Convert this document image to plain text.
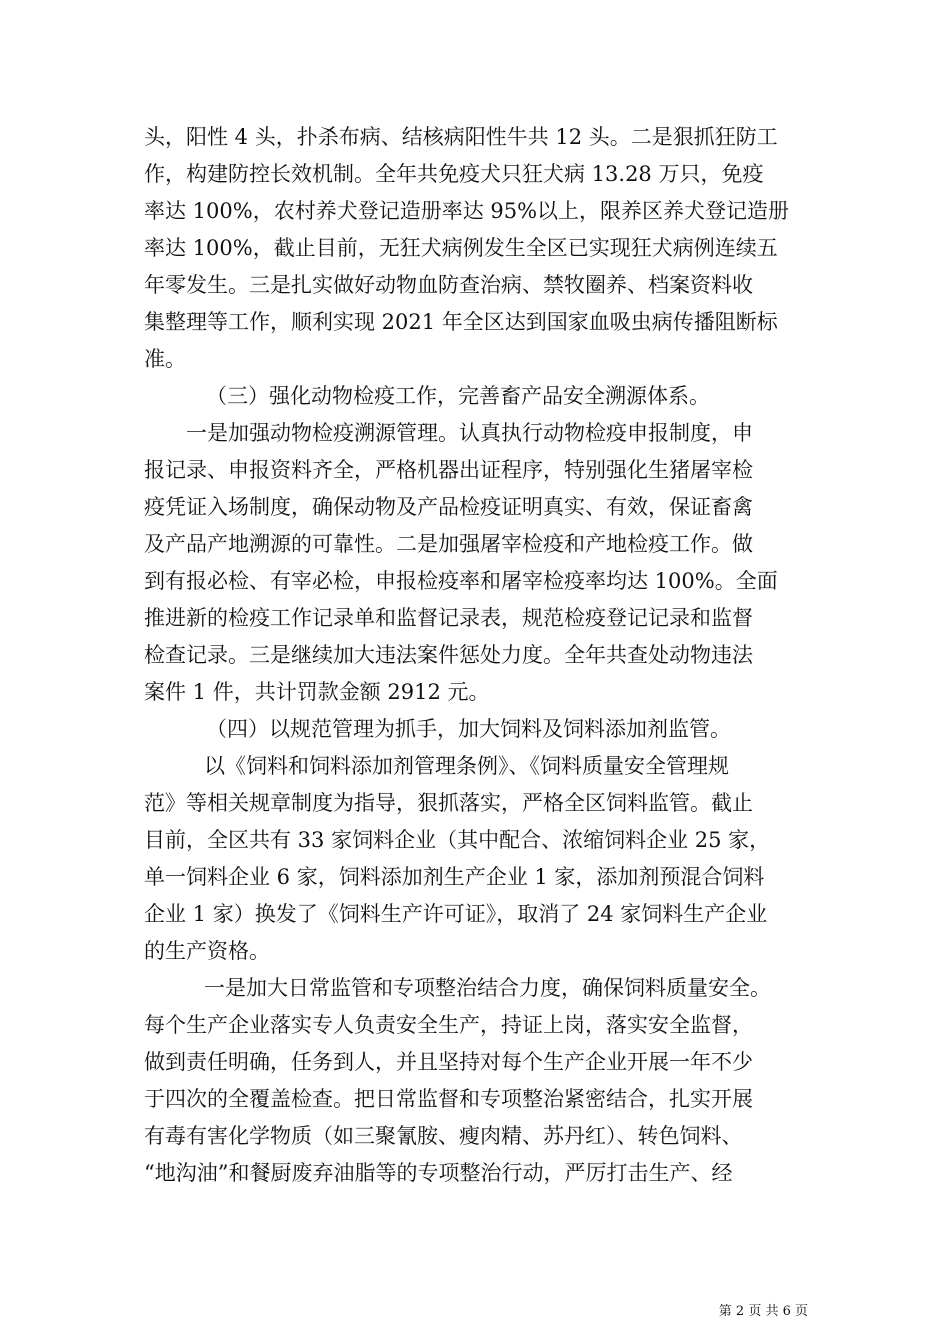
头，阳性 4 头，扑杀布病、结核病阳性牛共 12 头。二是狠抓狂防工
作，构建防控长效机制。全年共免疫犬只狂犬病 13.28 万只，免疫
率达 100%，农村养犬登记造册率达 95%以上，限养区养犬登记造册
率达 100%，截止目前，无狂犬病例发生全区已实现狂犬病例连续五
年零发生。三是扎实做好动物血防查治病、禁牧圈养、档案资料收
集整理等工作，顺利实现 2021 年全区达到国家血吸虫病传播阻断标
准。
（三）强化动物检疫工作，完善畜产品安全溯源体系。
一是加强动物检疫溯源管理。认真执行动物检疫申报制度，申
报记录、申报资料齐全，严格机器出证程序，特别强化生猪屠宰检
疫凭证入场制度，确保动物及产品检疫证明真实、有效，保证畜禽
及产品产地溯源的可靠性。二是加强屠宰检疫和产地检疫工作。做
到有报必检、有宰必检，申报检疫率和屠宰检疫率均达 100%。全面
推进新的检疫工作记录单和监督记录表，规范检疫登记记录和监督
检查记录。三是继续加大违法案件惩处力度。全年共查处动物违法
案件 1 件，共计罚款金额 2912 元。
（四）以规范管理为抓手，加大饲料及饲料添加剂监管。
以《饲料和饲料添加剂管理条例》、《饲料质量安全管理规
范》等相关规章制度为指导，狠抓落实，严格全区饲料监管。截止
目前，全区共有 33 家饲料企业（其中配合、浓缩饲料企业 25 家，
单一饲料企业 6 家，饲料添加剂生产企业 1 家，添加剂预混合饲料
企业 1 家）换发了《饲料生产许可证》，取消了 24 家饲料生产企业
的生产资格。
一是加大日常监管和专项整治结合力度，确保饲料质量安全。
每个生产企业落实专人负责安全生产，持证上岗，落实安全监督，
做到责任明确，任务到人，并且坚持对每个生产企业开展一年不少
于四次的全覆盖检查。把日常监督和专项整治紧密结合，扎实开展
有毒有害化学物质（如三聚氰胺、瘦肉精、苏丹红）、转色饲料、
“地沟油”和餐厨废弃油脂等的专项整治行动，严厉打击生产、经
第 2 页 共 6 页
